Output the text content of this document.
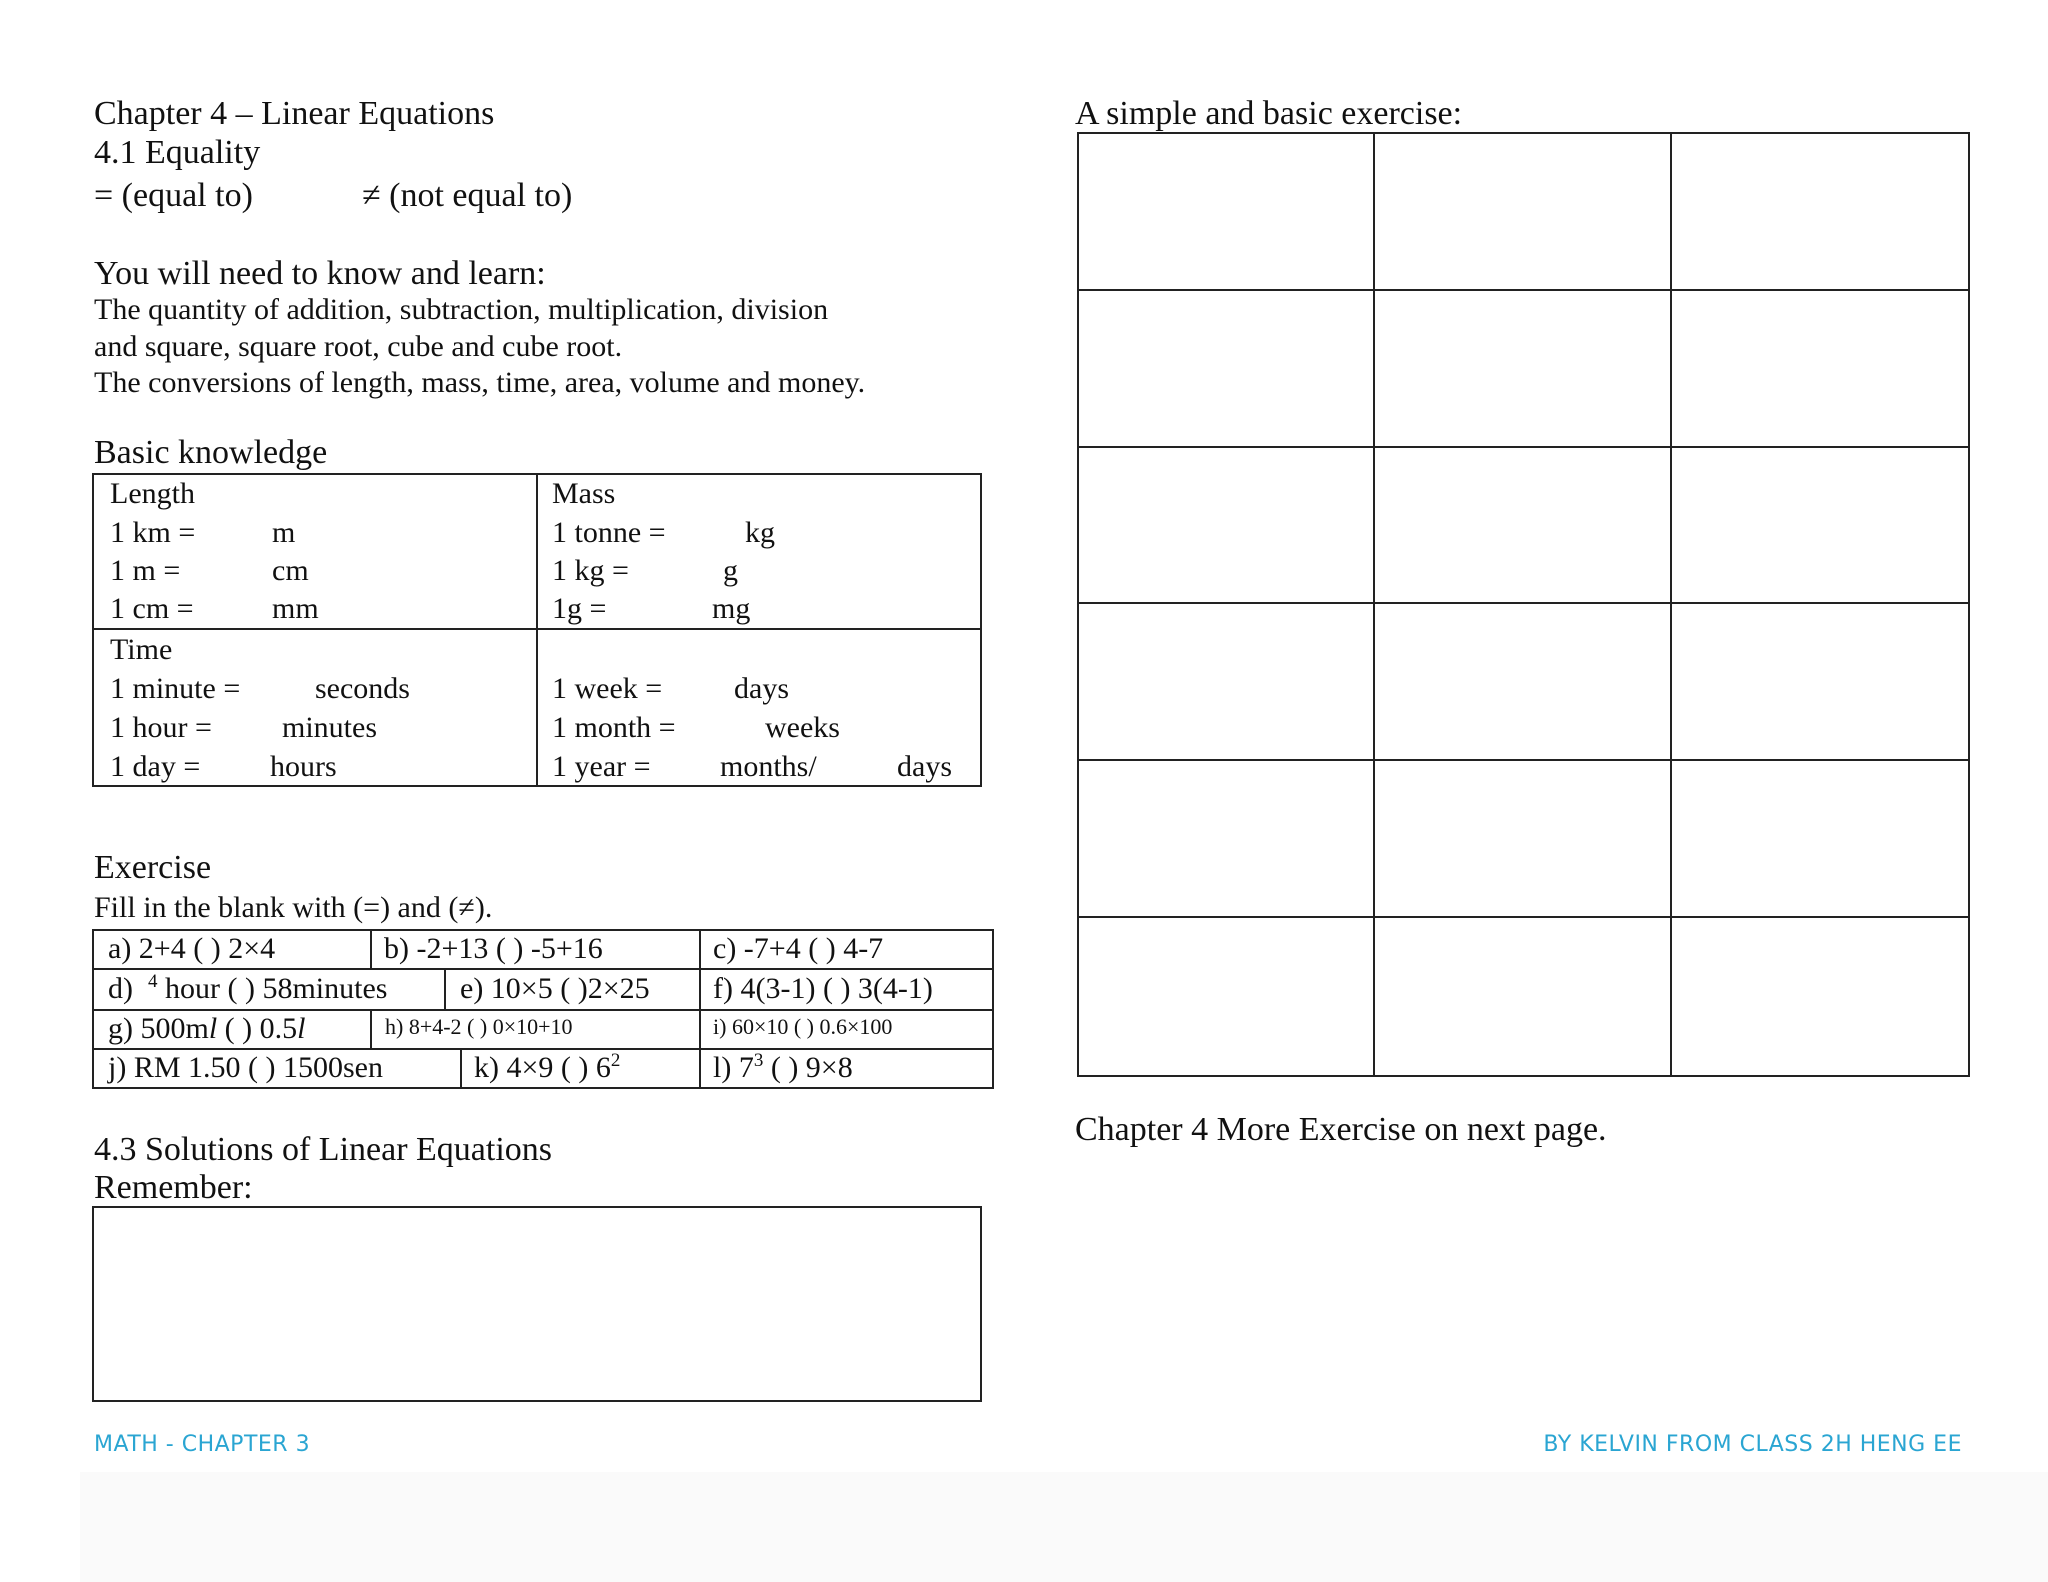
Chapter 4 – Linear Equations
4.1 Equality
= (equal to)	≠ (not equal to)
You will need to know and learn:
The quantity of addition, subtraction, multiplication, division
and square, square root, cube and cube root.
The conversions of length, mass, time, area, volume and money.
Basic knowledge
Length
1 km =	m
1 m =	cm
1 cm =	mm
Mass
1 tonne =	kg
1 kg =	g
1g =	mg
Time
1 minute = seconds
1 hour = minutes
1 day = hours
1 week = days
1 month =	weeks
1 year = months/	days
Exercise
Fill in the blank with (=) and (≠).
a) 2+4 ( ) 2×4	b) -2+13 ( ) -5+16	c) -7+4 ( ) 4-7
d) $^4$ hour ( ) 58minutes e) 10×5 ( )2×25 f) 4(3-1) ( ) 3(4-1)
g) 500ml ( ) 0.5l	h) 8+4-2 ( ) 0×10+10	i) 60×10 ( ) 0.6×100
j) RM 1.50 ( ) 1500sen	k) 4×9 ( ) $6^2$	l) $7^3$ ( ) 9×8
4.3 Solutions of Linear Equations
Remember:
A simple and basic exercise:
Chapter 4 More Exercise on next page.
MATH - CHAPTER 3	BY KELVIN FROM CLASS 2H HENG EE
